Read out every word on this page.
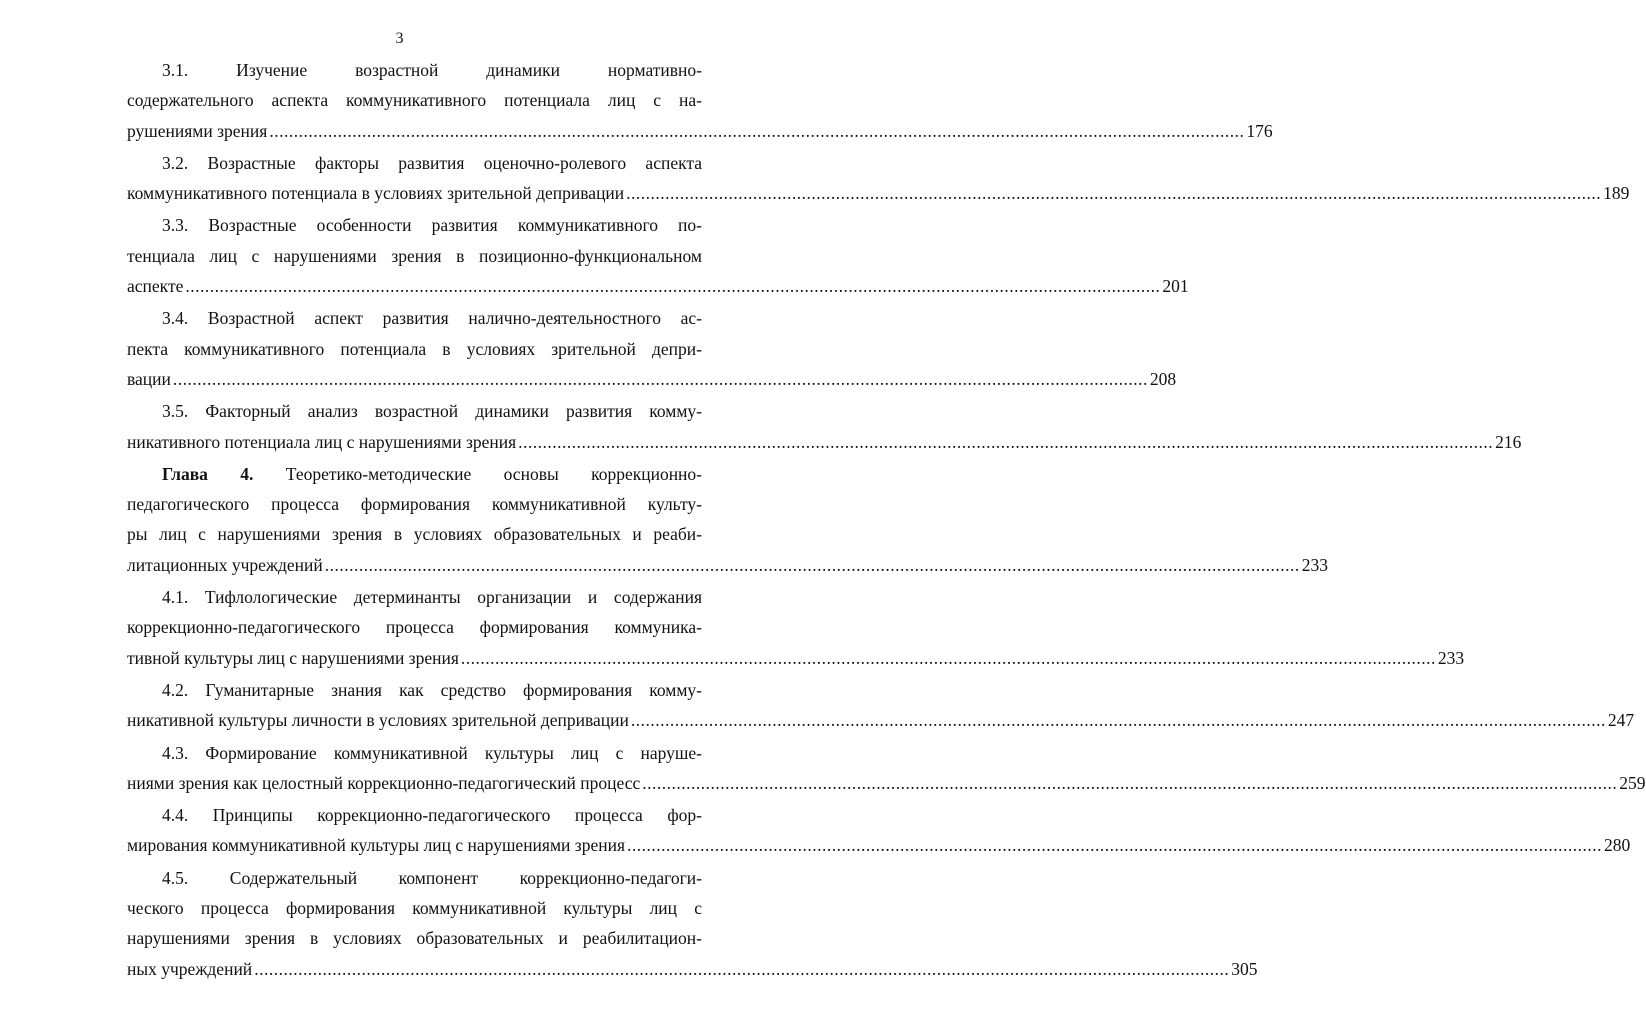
3
3.1. Изучение возрастной динамики нормативно-
содержательного аспекта коммуникативного потенциала лиц с на-
рушениями зрения ........................................................................................................................................................................................................ 176
3.2. Возрастные факторы развития оценочно-ролевого аспекта
коммуникативного потенциала в условиях зрительной депривации ........................................................................................................................................................................................................ 189
3.3. Возрастные особенности развития коммуникативного по-
тенциала лиц с нарушениями зрения в позиционно-функциональном
аспекте ........................................................................................................................................................................................................ 201
3.4. Возрастной аспект развития налично-деятельностного ас-
пекта коммуникативного потенциала в условиях зрительной депри-
вации ........................................................................................................................................................................................................ 208
3.5. Факторный анализ возрастной динамики развития комму-
никативного потенциала лиц с нарушениями зрения ........................................................................................................................................................................................................ 216
Глава 4. Теоретико-методические основы коррекционно-
педагогического процесса формирования коммуникативной культу-
ры лиц с нарушениями зрения в условиях образовательных и реаби-
литационных учреждений ........................................................................................................................................................................................................ 233
4.1. Тифлологические детерминанты организации и содержания
коррекционно-педагогического процесса формирования коммуника-
тивной культуры лиц с нарушениями зрения ........................................................................................................................................................................................................ 233
4.2. Гуманитарные знания как средство формирования комму-
никативной культуры личности в условиях зрительной депривации ........................................................................................................................................................................................................ 247
4.3. Формирование коммуникативной культуры лиц с наруше-
ниями зрения как целостный коррекционно-педагогический процесс ........................................................................................................................................................................................................ 259
4.4. Принципы коррекционно-педагогического процесса фор-
мирования коммуникативной культуры лиц с нарушениями зрения ........................................................................................................................................................................................................ 280
4.5. Содержательный компонент коррекционно-педагоги-
ческого процесса формирования коммуникативной культуры лиц с
нарушениями зрения в условиях образовательных и реабилитацион-
ных учреждений ........................................................................................................................................................................................................ 305
